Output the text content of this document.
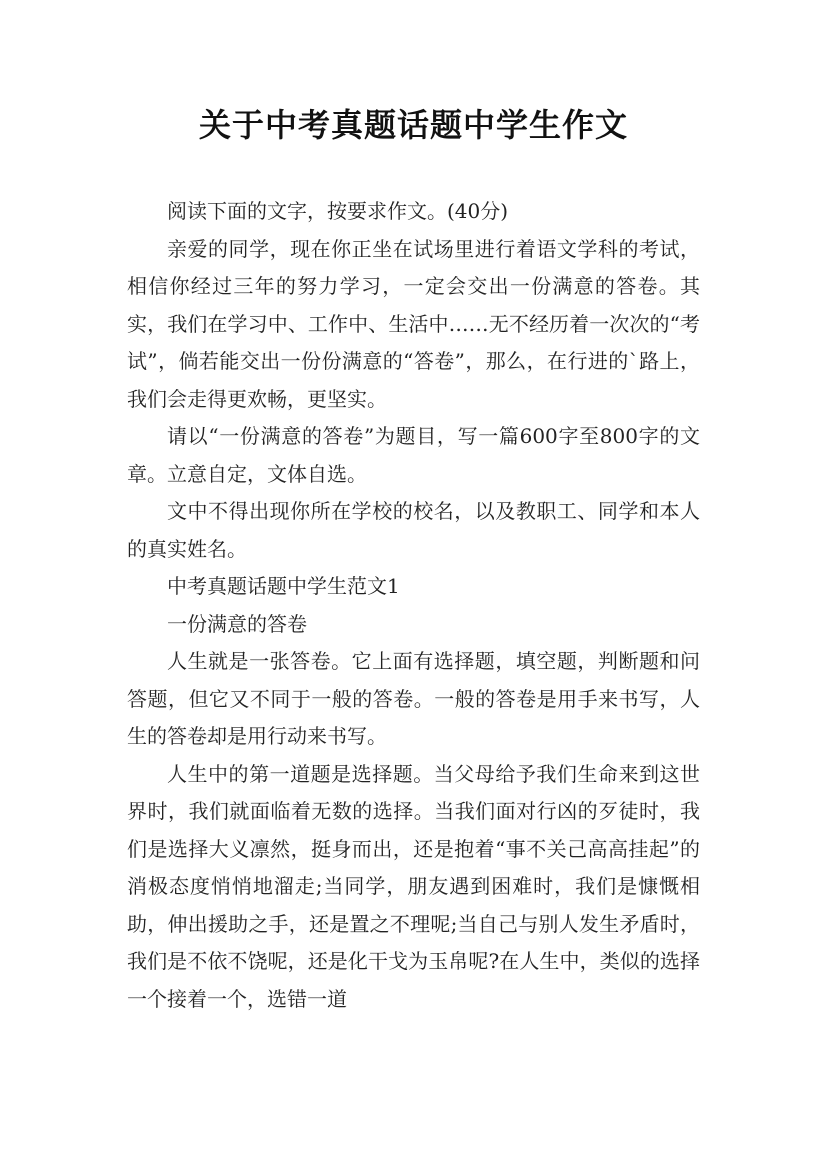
关于中考真题话题中学生作文

阅读下面的文字，按要求作文。(40分)

亲爱的同学，现在你正坐在试场里进行着语文学科的考试，相信你经过三年的努力学习，一定会交出一份满意的答卷。其实，我们在学习中、工作中、生活中……无不经历着一次次的“考试”，倘若能交出一份份满意的“答卷”，那么，在行进的`路上，我们会走得更欢畅，更坚实。

请以“一份满意的答卷”为题目，写一篇600字至800字的文章。立意自定，文体自选。

文中不得出现你所在学校的校名，以及教职工、同学和本人的真实姓名。

中考真题话题中学生范文1

一份满意的答卷

人生就是一张答卷。它上面有选择题，填空题，判断题和问答题，但它又不同于一般的答卷。一般的答卷是用手来书写，人生的答卷却是用行动来书写。

人生中的第一道题是选择题。当父母给予我们生命来到这世界时，我们就面临着无数的选择。当我们面对行凶的歹徒时，我们是选择大义凛然，挺身而出，还是抱着“事不关己高高挂起”的消极态度悄悄地溜走;当同学，朋友遇到困难时，我们是慷慨相助，伸出援助之手，还是置之不理呢;当自己与别人发生矛盾时，我们是不依不饶呢，还是化干戈为玉帛呢?在人生中，类似的选择一个接着一个，选错一道
